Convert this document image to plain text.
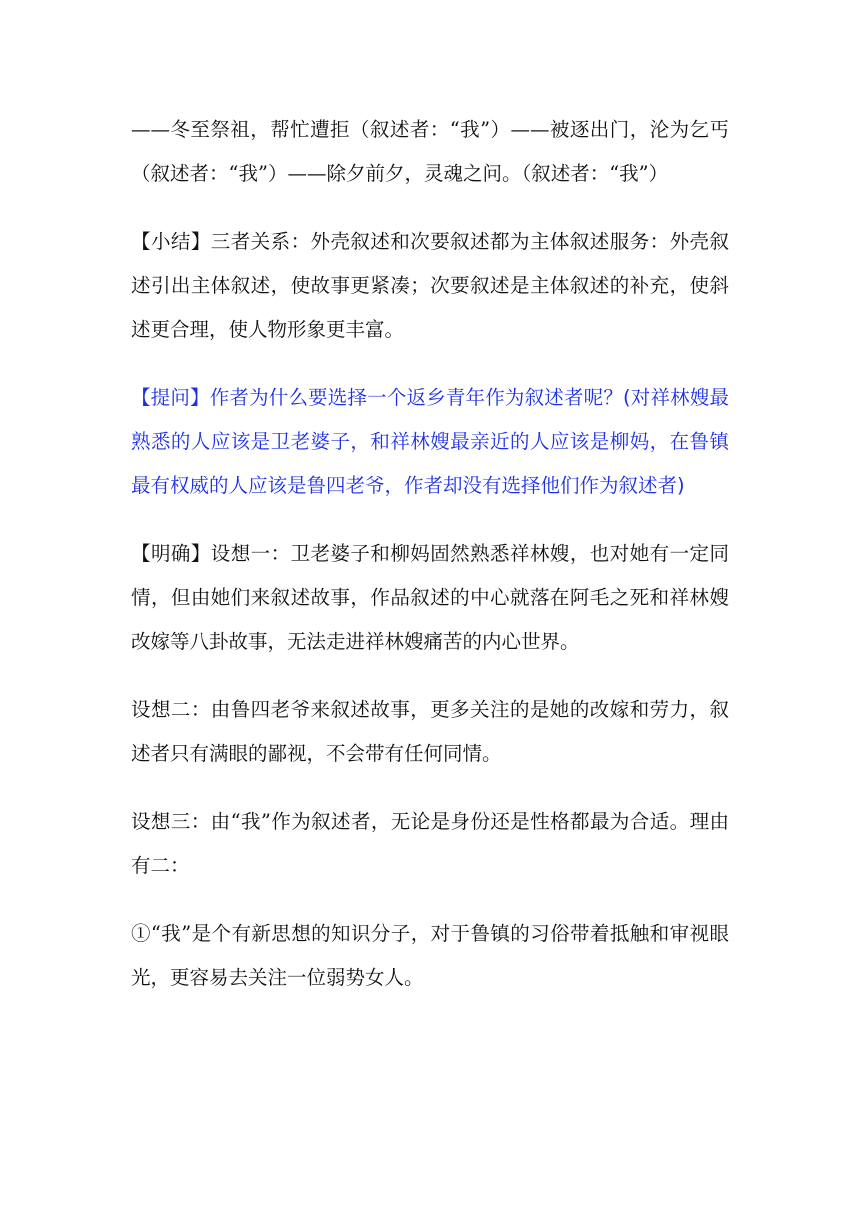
——冬至祭祖，帮忙遭拒（叙述者：“我”）——被逐出门，沦为乞丐（叙述者：“我”）——除夕前夕，灵魂之问。（叙述者：“我”）

【小结】三者关系：外壳叙述和次要叙述都为主体叙述服务：外壳叙述引出主体叙述，使故事更紧凑；次要叙述是主体叙述的补充，使斜述更合理，使人物形象更丰富。

【提问】作者为什么要选择一个返乡青年作为叙述者呢？(对祥林嫂最熟悉的人应该是卫老婆子，和祥林嫂最亲近的人应该是柳妈，在鲁镇最有权威的人应该是鲁四老爷，作者却没有选择他们作为叙述者)

【明确】设想一：卫老婆子和柳妈固然熟悉祥林嫂，也对她有一定同情，但由她们来叙述故事，作品叙述的中心就落在阿毛之死和祥林嫂改嫁等八卦故事，无法走进祥林嫂痛苦的内心世界。

设想二：由鲁四老爷来叙述故事，更多关注的是她的改嫁和劳力，叙述者只有满眼的鄙视，不会带有任何同情。

设想三：由“我”作为叙述者，无论是身份还是性格都最为合适。理由有二：

①“我”是个有新思想的知识分子，对于鲁镇的习俗带着抵触和审视眼光，更容易去关注一位弱势女人。
